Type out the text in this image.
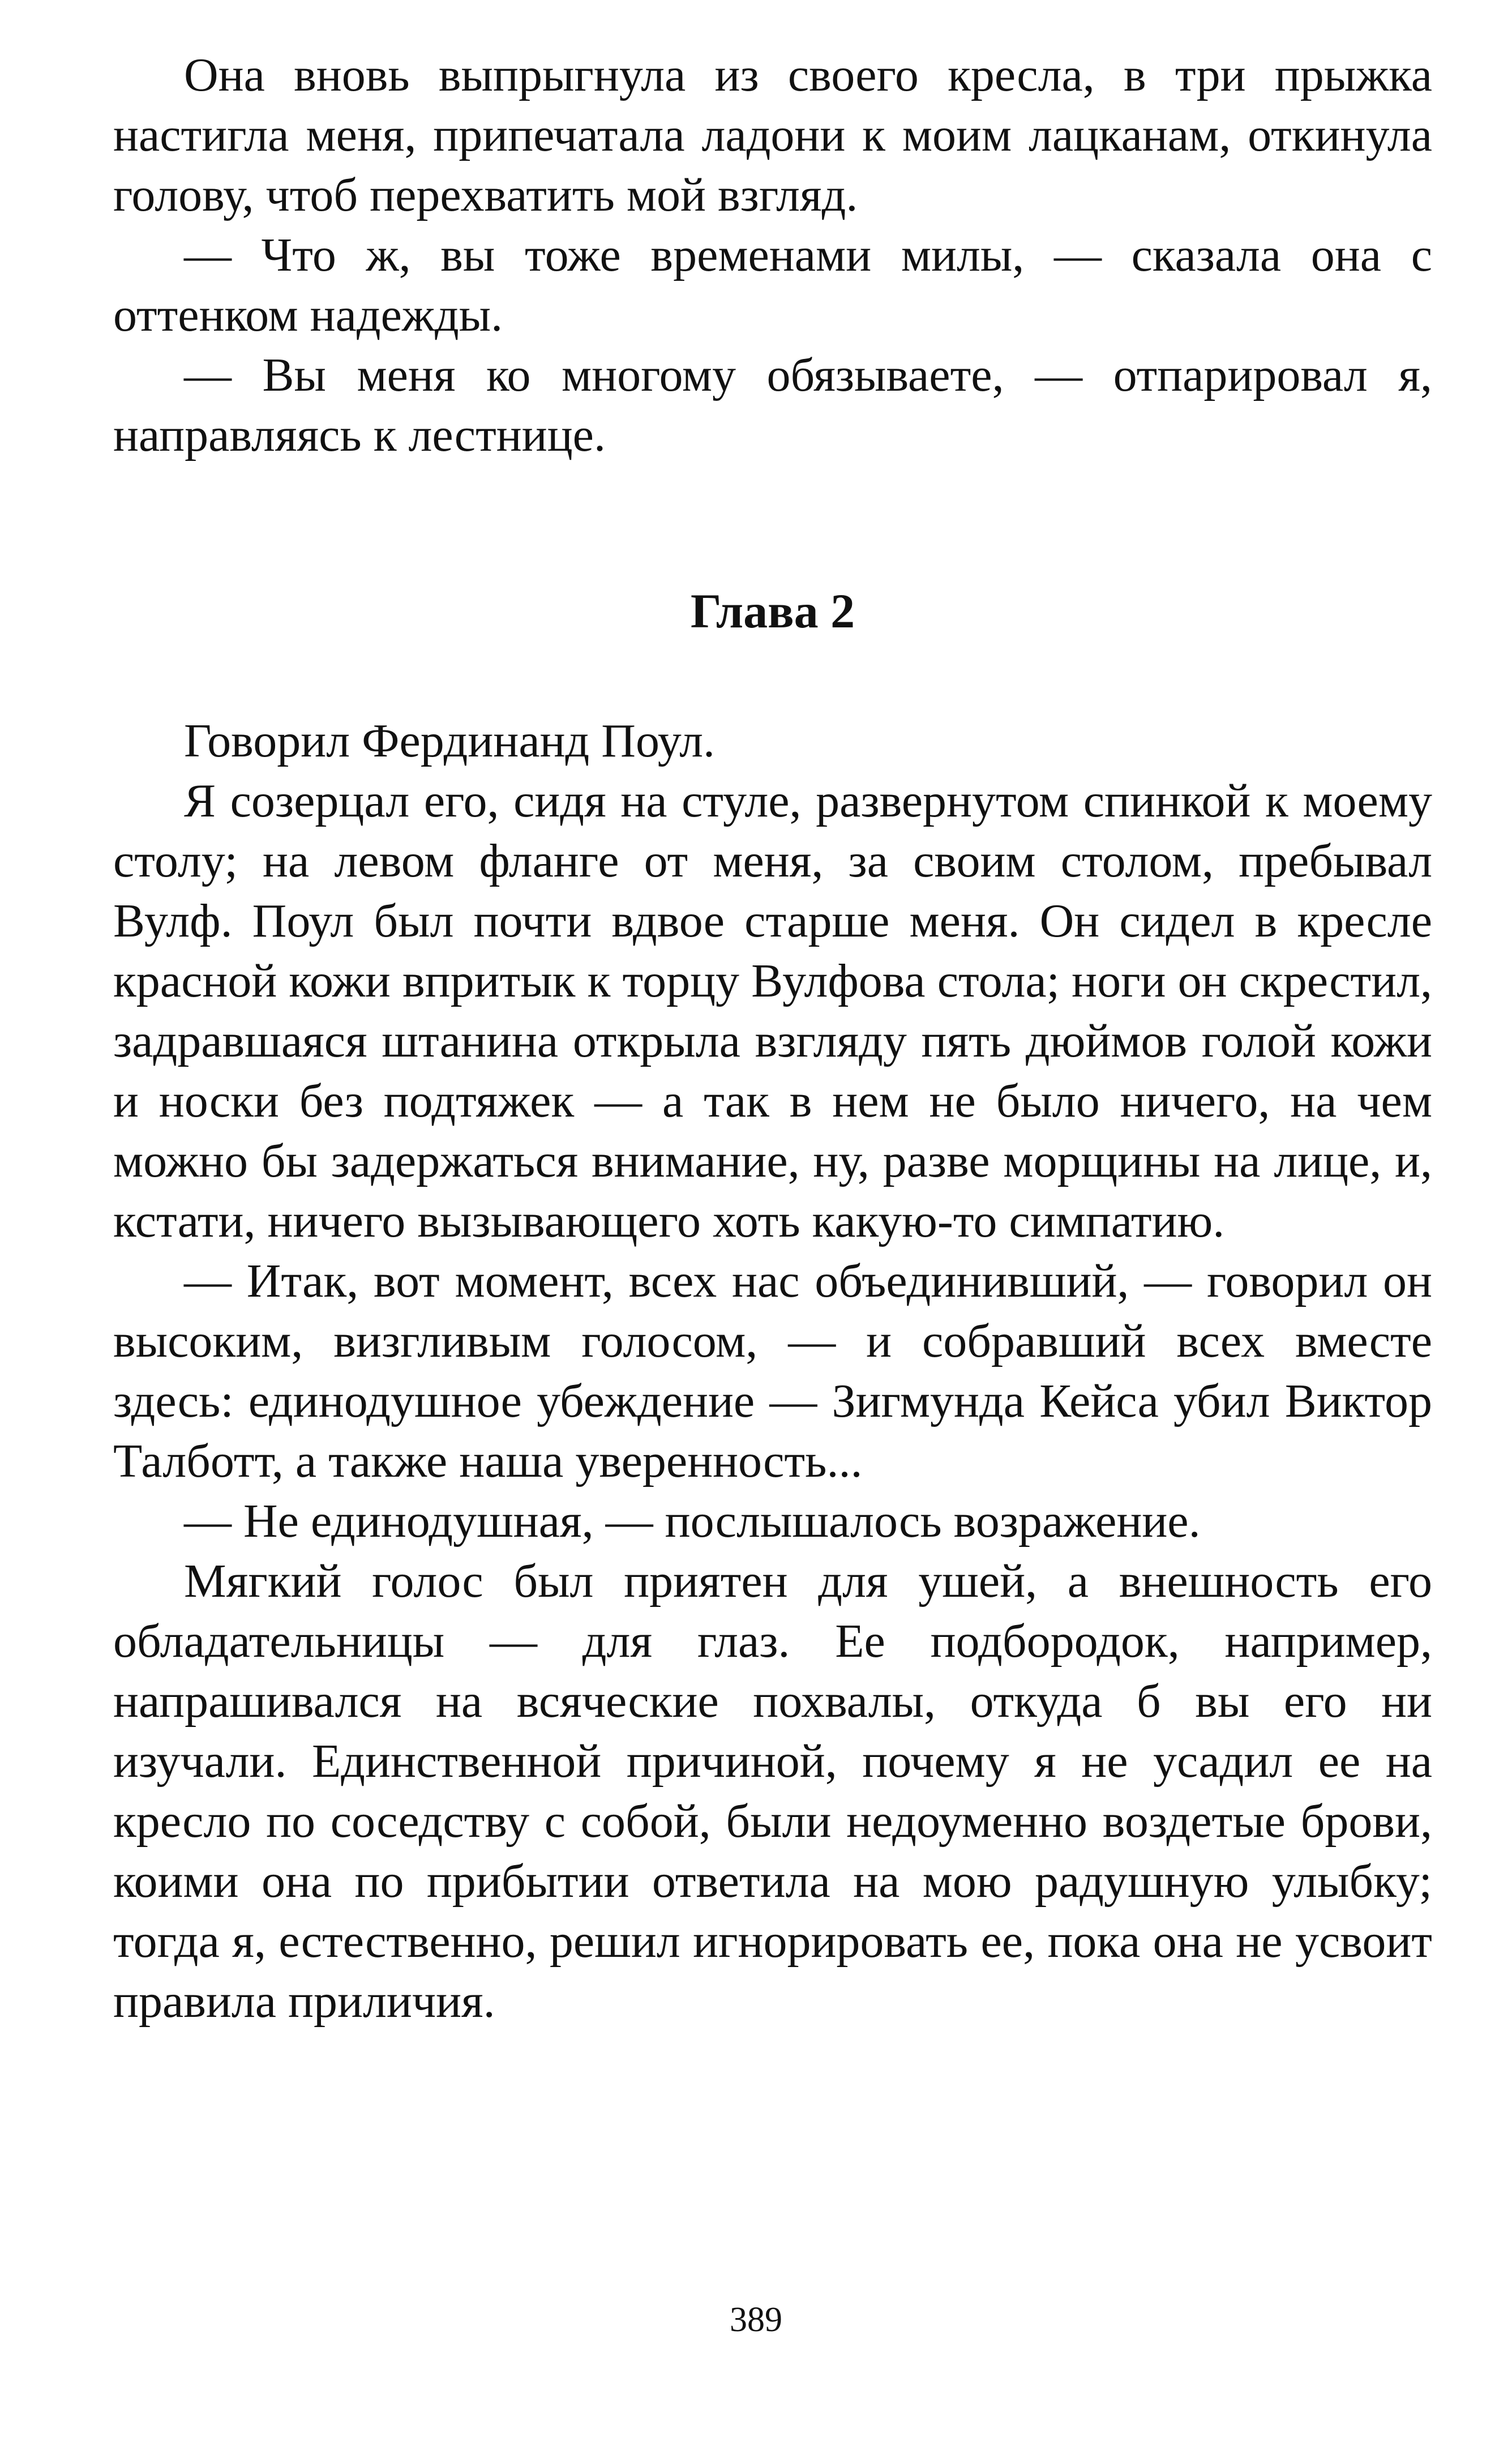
Она вновь выпрыгнула из своего кресла, в три прыжка настигла меня, припечатала ладони к моим лацканам, откинула голову, чтоб перехватить мой взгляд.

— Что ж, вы тоже временами милы, — сказала она с оттенком надежды.

— Вы меня ко многому обязываете, — отпарировал я, направляясь к лестнице.

Глава 2

Говорил Фердинанд Поул.

Я созерцал его, сидя на стуле, развернутом спинкой к моему столу; на левом фланге от меня, за своим столом, пребывал Вулф. Поул был почти вдвое старше меня. Он сидел в кресле красной кожи впритык к торцу Вулфова стола; ноги он скрестил, задравшаяся штанина открыла взгляду пять дюймов голой кожи и носки без подтяжек — а так в нем не было ничего, на чем можно бы задержаться внимание, ну, разве морщины на лице, и, кстати, ничего вызывающего хоть какую-то симпатию.

— Итак, вот момент, всех нас объединивший, — говорил он высоким, визгливым голосом, — и собравший всех вместе здесь: единодушное убеждение — Зигмунда Кейса убил Виктор Талботт, а также наша уверенность...

— Не единодушная, — послышалось возражение.

Мягкий голос был приятен для ушей, а внешность его обладательницы — для глаз. Ее подбородок, например, напрашивался на всяческие похвалы, откуда б вы его ни изучали. Единственной причиной, почему я не усадил ее на кресло по соседству с собой, были недоуменно воздетые брови, коими она по прибытии ответила на мою радушную улыбку; тогда я, естественно, решил игнорировать ее, пока она не усвоит правила приличия.

389
